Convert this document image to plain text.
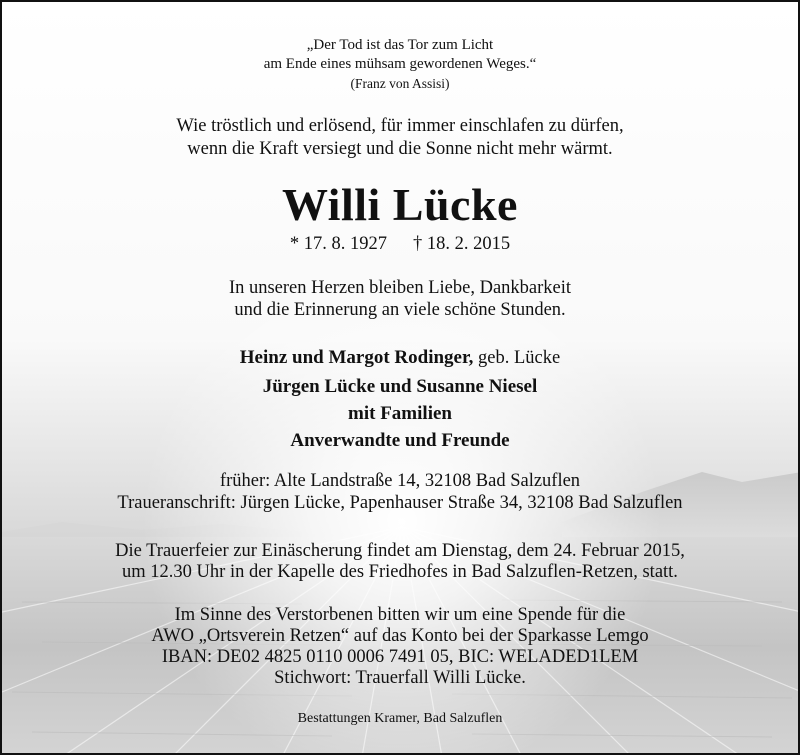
„Der Tod ist das Tor zum Licht
am Ende eines mühsam gewordenen Weges.“
(Franz von Assisi)
Wie tröstlich und erlösend, für immer einschlafen zu dürfen,
wenn die Kraft versiegt und die Sonne nicht mehr wärmt.
Willi Lücke
* 17. 8. 1927 † 18. 2. 2015
In unseren Herzen bleiben Liebe, Dankbarkeit
und die Erinnerung an viele schöne Stunden.
Heinz und Margot Rodinger, geb. Lücke
Jürgen Lücke und Susanne Niesel
mit Familien
Anverwandte und Freunde
früher: Alte Landstraße 14, 32108 Bad Salzuflen
Traueranschrift: Jürgen Lücke, Papenhauser Straße 34, 32108 Bad Salzuflen
Die Trauerfeier zur Einäscherung findet am Dienstag, dem 24. Februar 2015,
um 12.30 Uhr in der Kapelle des Friedhofes in Bad Salzuflen-Retzen, statt.
Im Sinne des Verstorbenen bitten wir um eine Spende für die
AWO „Ortsverein Retzen“ auf das Konto bei der Sparkasse Lemgo
IBAN: DE02 4825 0110 0006 7491 05, BIC: WELADED1LEM
Stichwort: Trauerfall Willi Lücke.
Bestattungen Kramer, Bad Salzuflen
